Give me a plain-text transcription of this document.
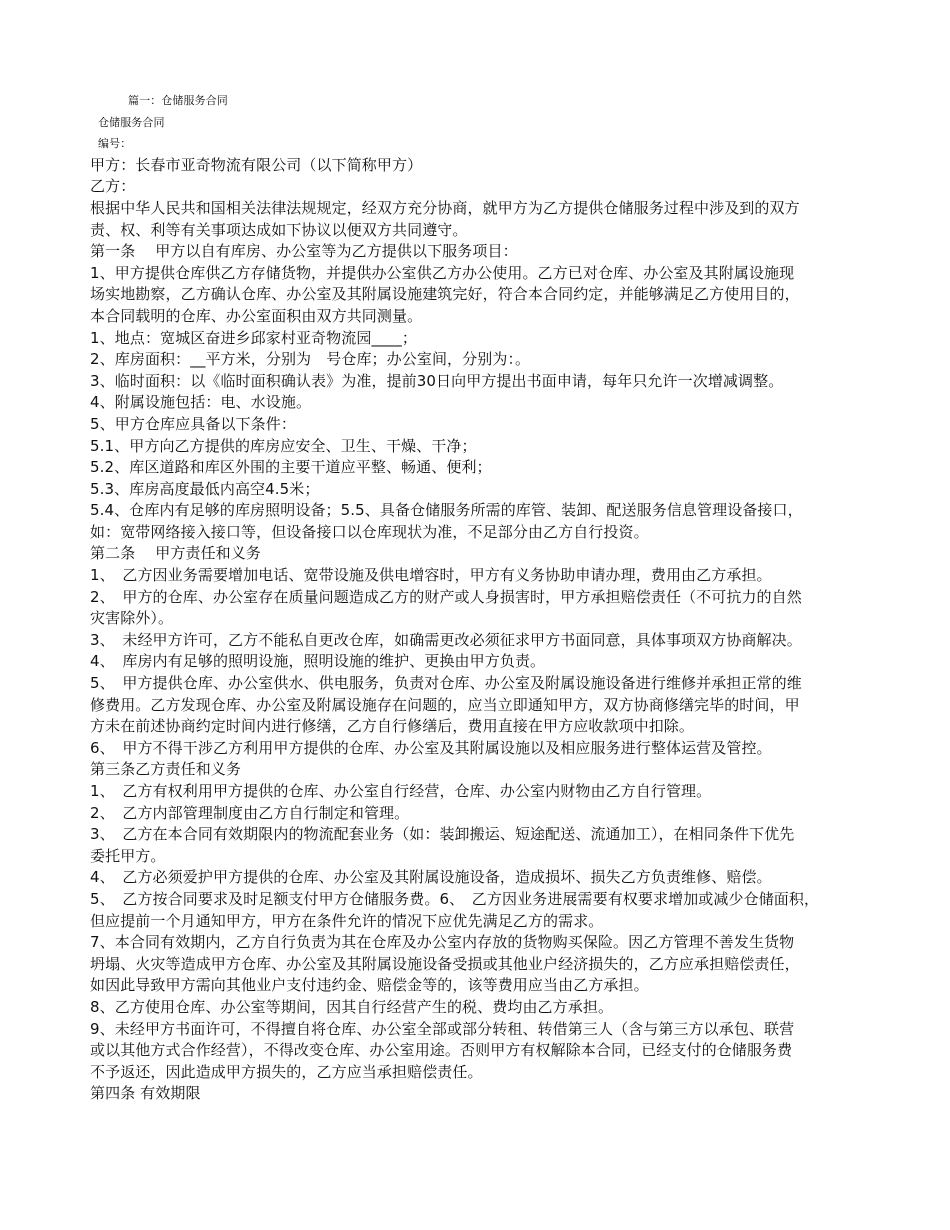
篇一：仓储服务合同
仓储服务合同
编号：
甲方：长春市亚奇物流有限公司（以下简称甲方）
乙方：
根据中华人民共和国相关法律法规规定，经双方充分协商，就甲方为乙方提供仓储服务过程中涉及到的双方
责、权、利等有关事项达成如下协议以便双方共同遵守。
第一条　 甲方以自有库房、办公室等为乙方提供以下服务项目：
1、甲方提供仓库供乙方存储货物，并提供办公室供乙方办公使用。乙方已对仓库、办公室及其附属设施现
场实地勘察，乙方确认仓库、办公室及其附属设施建筑完好，符合本合同约定，并能够满足乙方使用目的，
本合同载明的仓库、办公室面积由双方共同测量。
1、地点：宽城区奋进乡邱家村亚奇物流园____；
2、库房面积：__平方米，分别为　号仓库；办公室间，分别为：。
3、临时面积：以《临时面积确认表》为准，提前30日向甲方提出书面申请，每年只允许一次增减调整。
4、附属设施包括：电、水设施。
5、甲方仓库应具备以下条件：
5.1、甲方向乙方提供的库房应安全、卫生、干燥、干净；
5.2、库区道路和库区外围的主要干道应平整、畅通、便利；
5.3、库房高度最低内高空4.5米；
5.4、仓库内有足够的库房照明设备；5.5、具备仓储服务所需的库管、装卸、配送服务信息管理设备接口，
如：宽带网络接入接口等，但设备接口以仓库现状为准，不足部分由乙方自行投资。
第二条　 甲方责任和义务
1、　乙方因业务需要增加电话、宽带设施及供电增容时，甲方有义务协助申请办理，费用由乙方承担。
2、　甲方的仓库、办公室存在质量问题造成乙方的财产或人身损害时，甲方承担赔偿责任（不可抗力的自然
灾害除外）。
3、　未经甲方许可，乙方不能私自更改仓库，如确需更改必须征求甲方书面同意，具体事项双方协商解决。
4、　库房内有足够的照明设施，照明设施的维护、更换由甲方负责。
5、　甲方提供仓库、办公室供水、供电服务，负责对仓库、办公室及附属设施设备进行维修并承担正常的维
修费用。乙方发现仓库、办公室及附属设施存在问题的，应当立即通知甲方，双方协商修缮完毕的时间，甲
方未在前述协商约定时间内进行修缮，乙方自行修缮后，费用直接在甲方应收款项中扣除。
6、　甲方不得干涉乙方利用甲方提供的仓库、办公室及其附属设施以及相应服务进行整体运营及管控。
第三条乙方责任和义务
1、　乙方有权利用甲方提供的仓库、办公室自行经营，仓库、办公室内财物由乙方自行管理。
2、　乙方内部管理制度由乙方自行制定和管理。
3、　乙方在本合同有效期限内的物流配套业务（如：装卸搬运、短途配送、流通加工），在相同条件下优先
委托甲方。
4、　乙方必须爱护甲方提供的仓库、办公室及其附属设施设备，造成损坏、损失乙方负责维修、赔偿。
5、　乙方按合同要求及时足额支付甲方仓储服务费。6、　乙方因业务进展需要有权要求增加或减少仓储面积，
但应提前一个月通知甲方，甲方在条件允许的情况下应优先满足乙方的需求。
7、本合同有效期内，乙方自行负责为其在仓库及办公室内存放的货物购买保险。因乙方管理不善发生货物
坍塌、火灾等造成甲方仓库、办公室及其附属设施设备受损或其他业户经济损失的，乙方应承担赔偿责任，
如因此导致甲方需向其他业户支付违约金、赔偿金等的，该等费用应当由乙方承担。
8、乙方使用仓库、办公室等期间，因其自行经营产生的税、费均由乙方承担。
9、未经甲方书面许可，不得擅自将仓库、办公室全部或部分转租、转借第三人（含与第三方以承包、联营
或以其他方式合作经营），不得改变仓库、办公室用途。否则甲方有权解除本合同，已经支付的仓储服务费
不予返还，因此造成甲方损失的，乙方应当承担赔偿责任。
第四条 有效期限
